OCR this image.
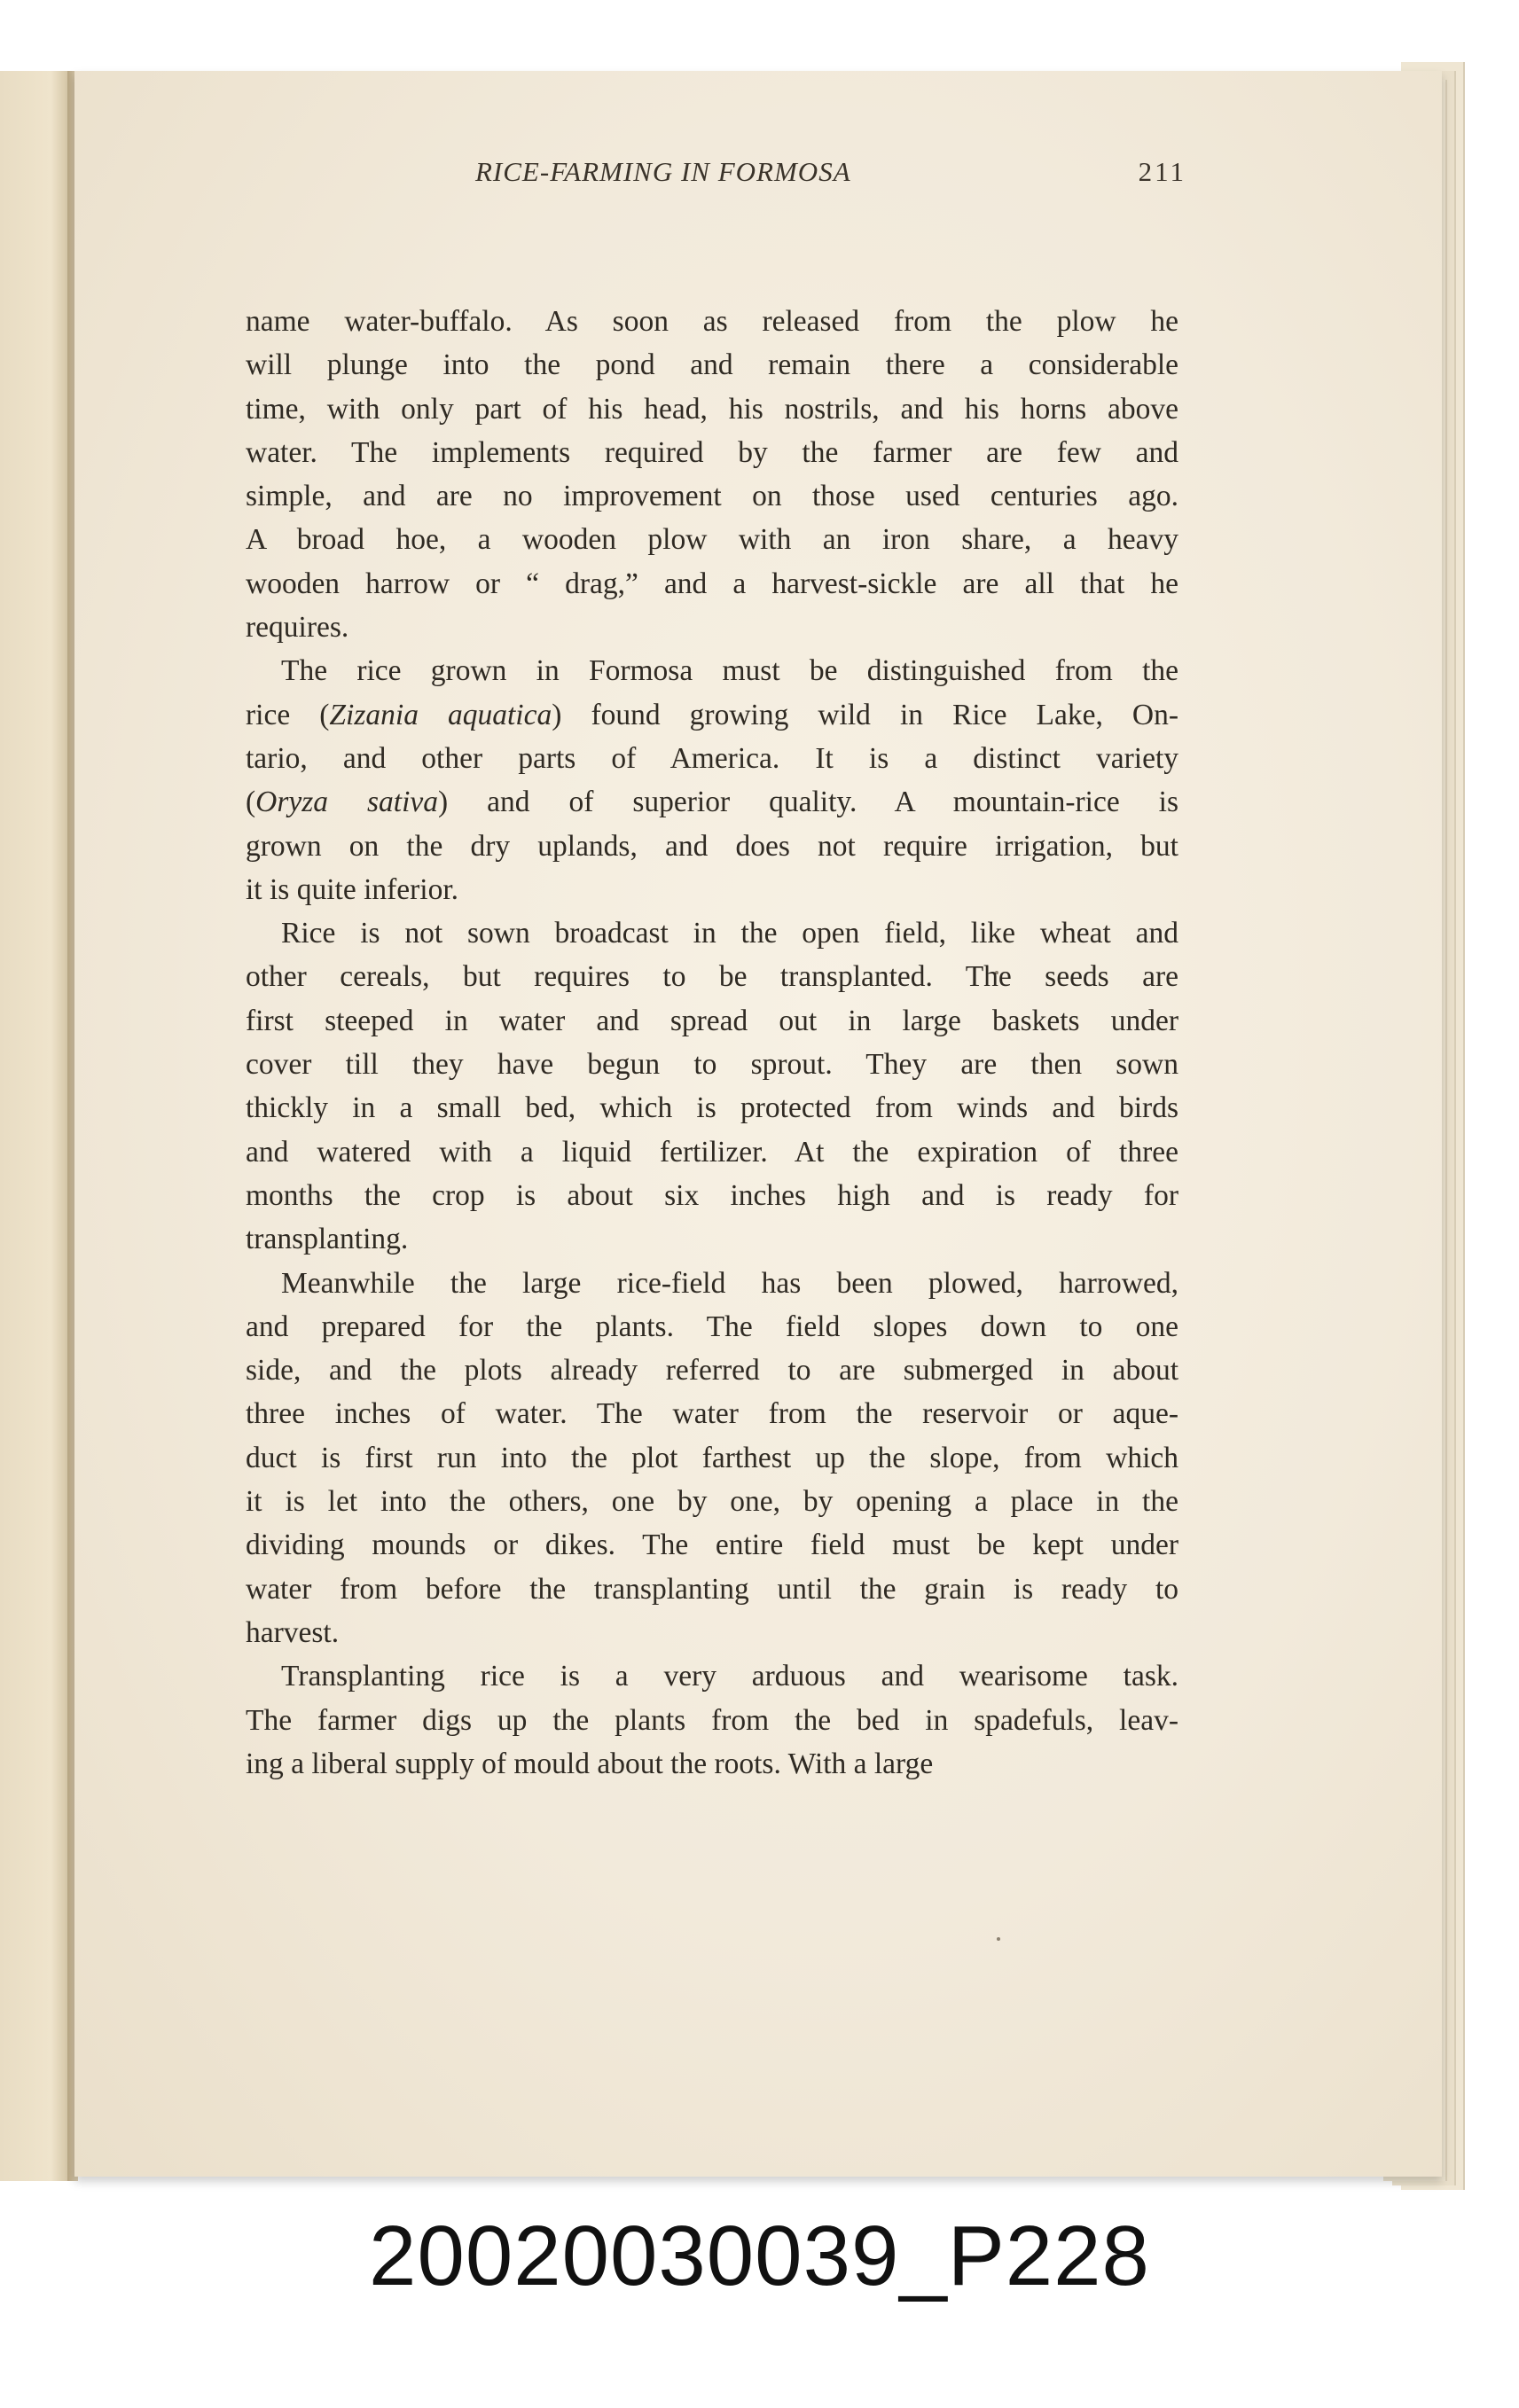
RICE-FARMING IN FORMOSA	211
name water-buffalo. As soon as released from the plow he
will plunge into the pond and remain there a considerable
time, with only part of his head, his nostrils, and his horns above
water. The implements required by the farmer are few and
simple, and are no improvement on those used centuries ago.
A broad hoe, a wooden plow with an iron share, a heavy
wooden harrow or “ drag,” and a harvest-sickle are all that he
requires.
The rice grown in Formosa must be distinguished from the
rice (Zizania aquatica) found growing wild in Rice Lake, On-
tario, and other parts of America. It is a distinct variety
(Oryza sativa) and of superior quality. A mountain-rice is
grown on the dry uplands, and does not require irrigation, but
it is quite inferior.
Rice is not sown broadcast in the open field, like wheat and
other cereals, but requires to be transplanted. The seeds are
first steeped in water and spread out in large baskets under
cover till they have begun to sprout. They are then sown
thickly in a small bed, which is protected from winds and birds
and watered with a liquid fertilizer. At the expiration of three
months the crop is about six inches high and is ready for
transplanting.
Meanwhile the large rice-field has been plowed, harrowed,
and prepared for the plants. The field slopes down to one
side, and the plots already referred to are submerged in about
three inches of water. The water from the reservoir or aque-
duct is first run into the plot farthest up the slope, from which
it is let into the others, one by one, by opening a place in the
dividing mounds or dikes. The entire field must be kept under
water from before the transplanting until the grain is ready to
harvest.
Transplanting rice is a very arduous and wearisome task.
The farmer digs up the plants from the bed in spadefuls, leav-
ing a liberal supply of mould about the roots. With a large
20020030039_P228
